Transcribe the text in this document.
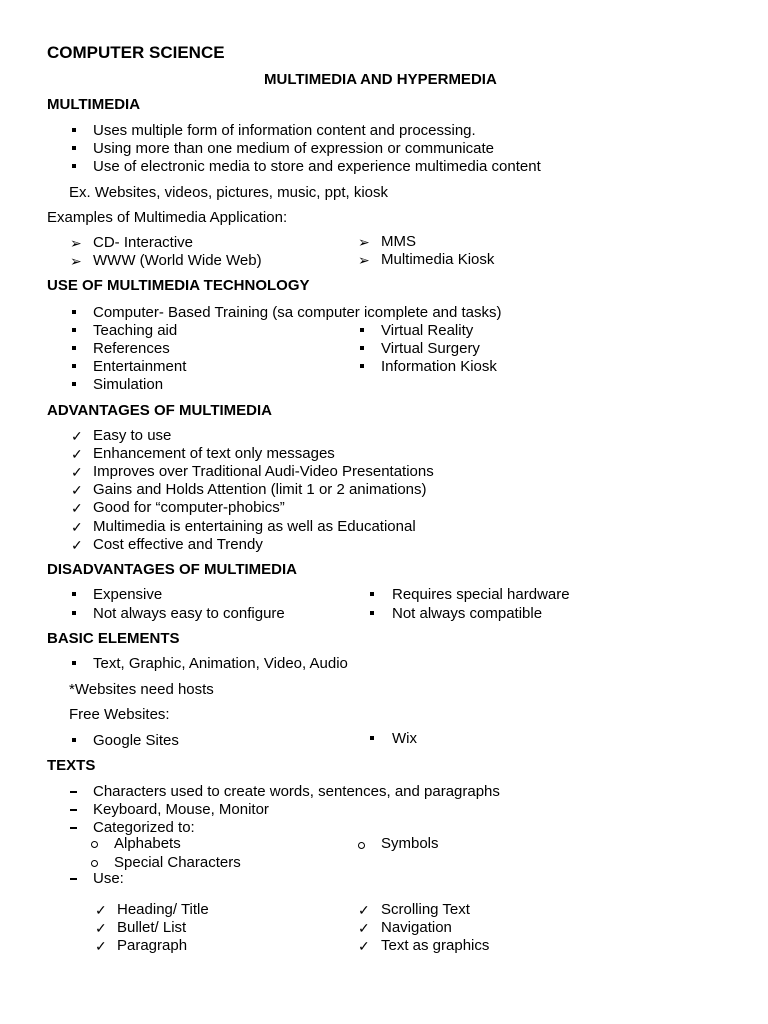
COMPUTER SCIENCE
MULTIMEDIA AND HYPERMEDIA
MULTIMEDIA
Uses multiple form of information content and processing.
Using more than one medium of expression or communicate
Use of electronic media to store and experience multimedia content
Ex. Websites, videos, pictures, music, ppt, kiosk
Examples of Multimedia Application:
➢ CD- Interactive
➢ WWW (World Wide Web)
➢ MMS
➢ Multimedia Kiosk
USE OF MULTIMEDIA TECHNOLOGY
Computer- Based Training (sa computer icomplete and tasks)
Teaching aid
References
Entertainment
Simulation
Virtual Reality
Virtual Surgery
Information Kiosk
ADVANTAGES OF MULTIMEDIA
✓ Easy to use
✓ Enhancement of text only messages
✓ Improves over Traditional Audi-Video Presentations
✓ Gains and Holds Attention (limit 1 or 2 animations)
✓ Good for “computer-phobics”
✓ Multimedia is entertaining as well as Educational
✓ Cost effective and Trendy
DISADVANTAGES OF MULTIMEDIA
Expensive
Not always easy to configure
Requires special hardware
Not always compatible
BASIC ELEMENTS
Text, Graphic, Animation, Video, Audio
*Websites need hosts
Free Websites:
Google Sites	Wix
TEXTS
Characters used to create words, sentences, and paragraphs
Keyboard, Mouse, Monitor
Categorized to:
Alphabets
Special Characters
Symbols
Use:
✓ Heading/ Title
✓ Bullet/ List
✓ Paragraph
✓ Scrolling Text
✓ Navigation
✓ Text as graphics
